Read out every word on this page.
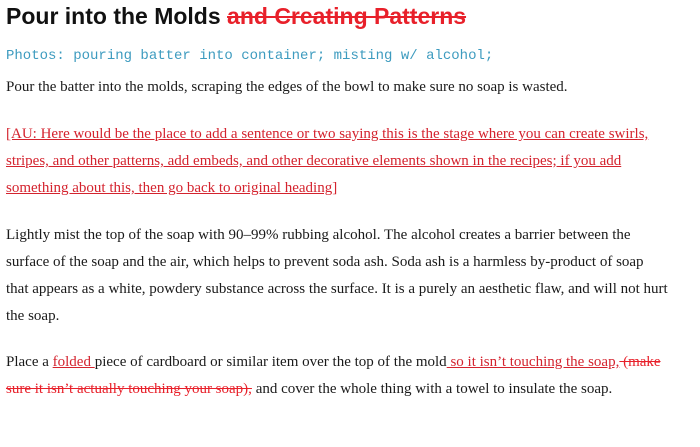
Pour into the Molds and Creating Patterns

Photos: pouring batter into container; misting w/ alcohol;

Pour the batter into the molds, scraping the edges of the bowl to make sure no soap is wasted.

[AU: Here would be the place to add a sentence or two saying this is the stage where you can create swirls, stripes, and other patterns, add embeds, and other decorative elements shown in the recipes; if you add something about this, then go back to original heading]

Lightly mist the top of the soap with 90–99% rubbing alcohol. The alcohol creates a barrier between the surface of the soap and the air, which helps to prevent soda ash. Soda ash is a harmless by-product of soap that appears as a white, powdery substance across the surface. It is a purely an aesthetic flaw, and will not hurt the soap.

Place a folded piece of cardboard or similar item over the top of the mold so it isn’t touching the soap, (make sure it isn’t actually touching your soap), and cover the whole thing with a towel to insulate the soap.
